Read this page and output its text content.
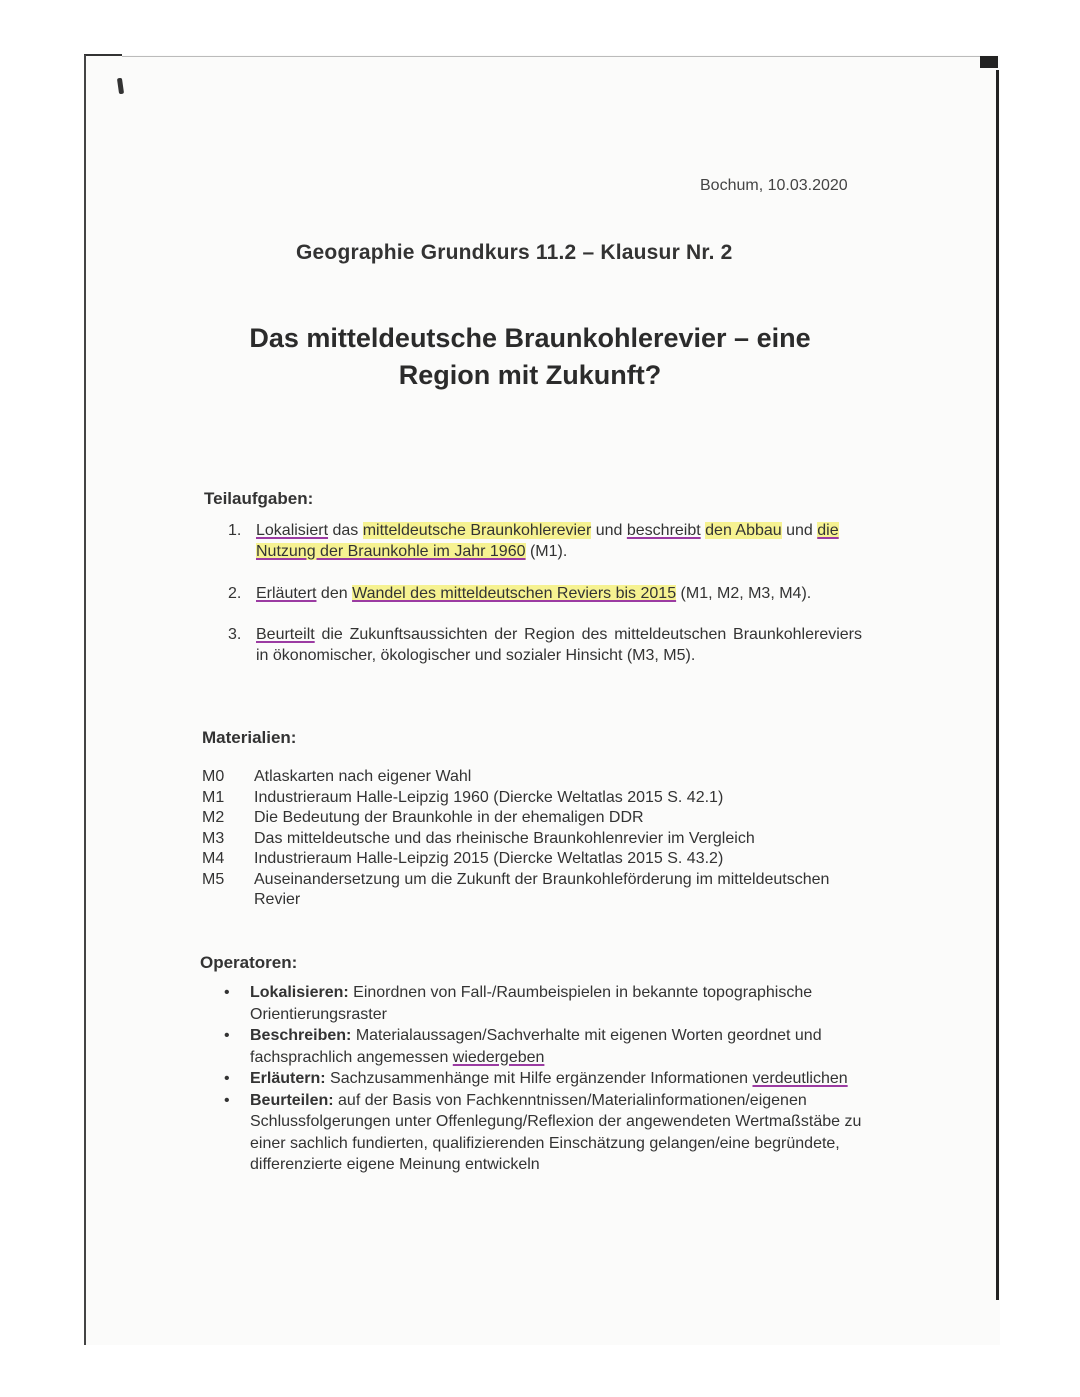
Bochum, 10.03.2020
Geographie Grundkurs 11.2 – Klausur Nr. 2
Das mitteldeutsche Braunkohlerevier – eine
Region mit Zukunft?
Teilaufgaben:
1. Lokalisiert das mitteldeutsche Braunkohlerevier und beschreibt den Abbau und die Nutzung der Braunkohle im Jahr 1960 (M1).
2. Erläutert den Wandel des mitteldeutschen Reviers bis 2015 (M1, M2, M3, M4).
3. Beurteilt die Zukunftsaussichten der Region des mitteldeutschen Braunkohlereviers in ökonomischer, ökologischer und sozialer Hinsicht (M3, M5).
Materialien:
M0	Atlaskarten nach eigener Wahl
M1	Industrieraum Halle-Leipzig 1960 (Diercke Weltatlas 2015 S. 42.1)
M2	Die Bedeutung der Braunkohle in der ehemaligen DDR
M3	Das mitteldeutsche und das rheinische Braunkohlenrevier im Vergleich
M4	Industrieraum Halle-Leipzig 2015 (Diercke Weltatlas 2015 S. 43.2)
M5	Auseinandersetzung um die Zukunft der Braunkohleförderung im mitteldeutschen Revier
Operatoren:
• Lokalisieren: Einordnen von Fall-/Raumbeispielen in bekannte topographische Orientierungsraster
• Beschreiben: Materialaussagen/Sachverhalte mit eigenen Worten geordnet und fachsprachlich angemessen wiedergeben
• Erläutern: Sachzusammenhänge mit Hilfe ergänzender Informationen verdeutlichen
• Beurteilen: auf der Basis von Fachkenntnissen/Materialinformationen/eigenen Schlussfolgerungen unter Offenlegung/Reflexion der angewendeten Wertmaßstäbe zu einer sachlich fundierten, qualifizierenden Einschätzung gelangen/eine begründete, differenzierte eigene Meinung entwickeln
